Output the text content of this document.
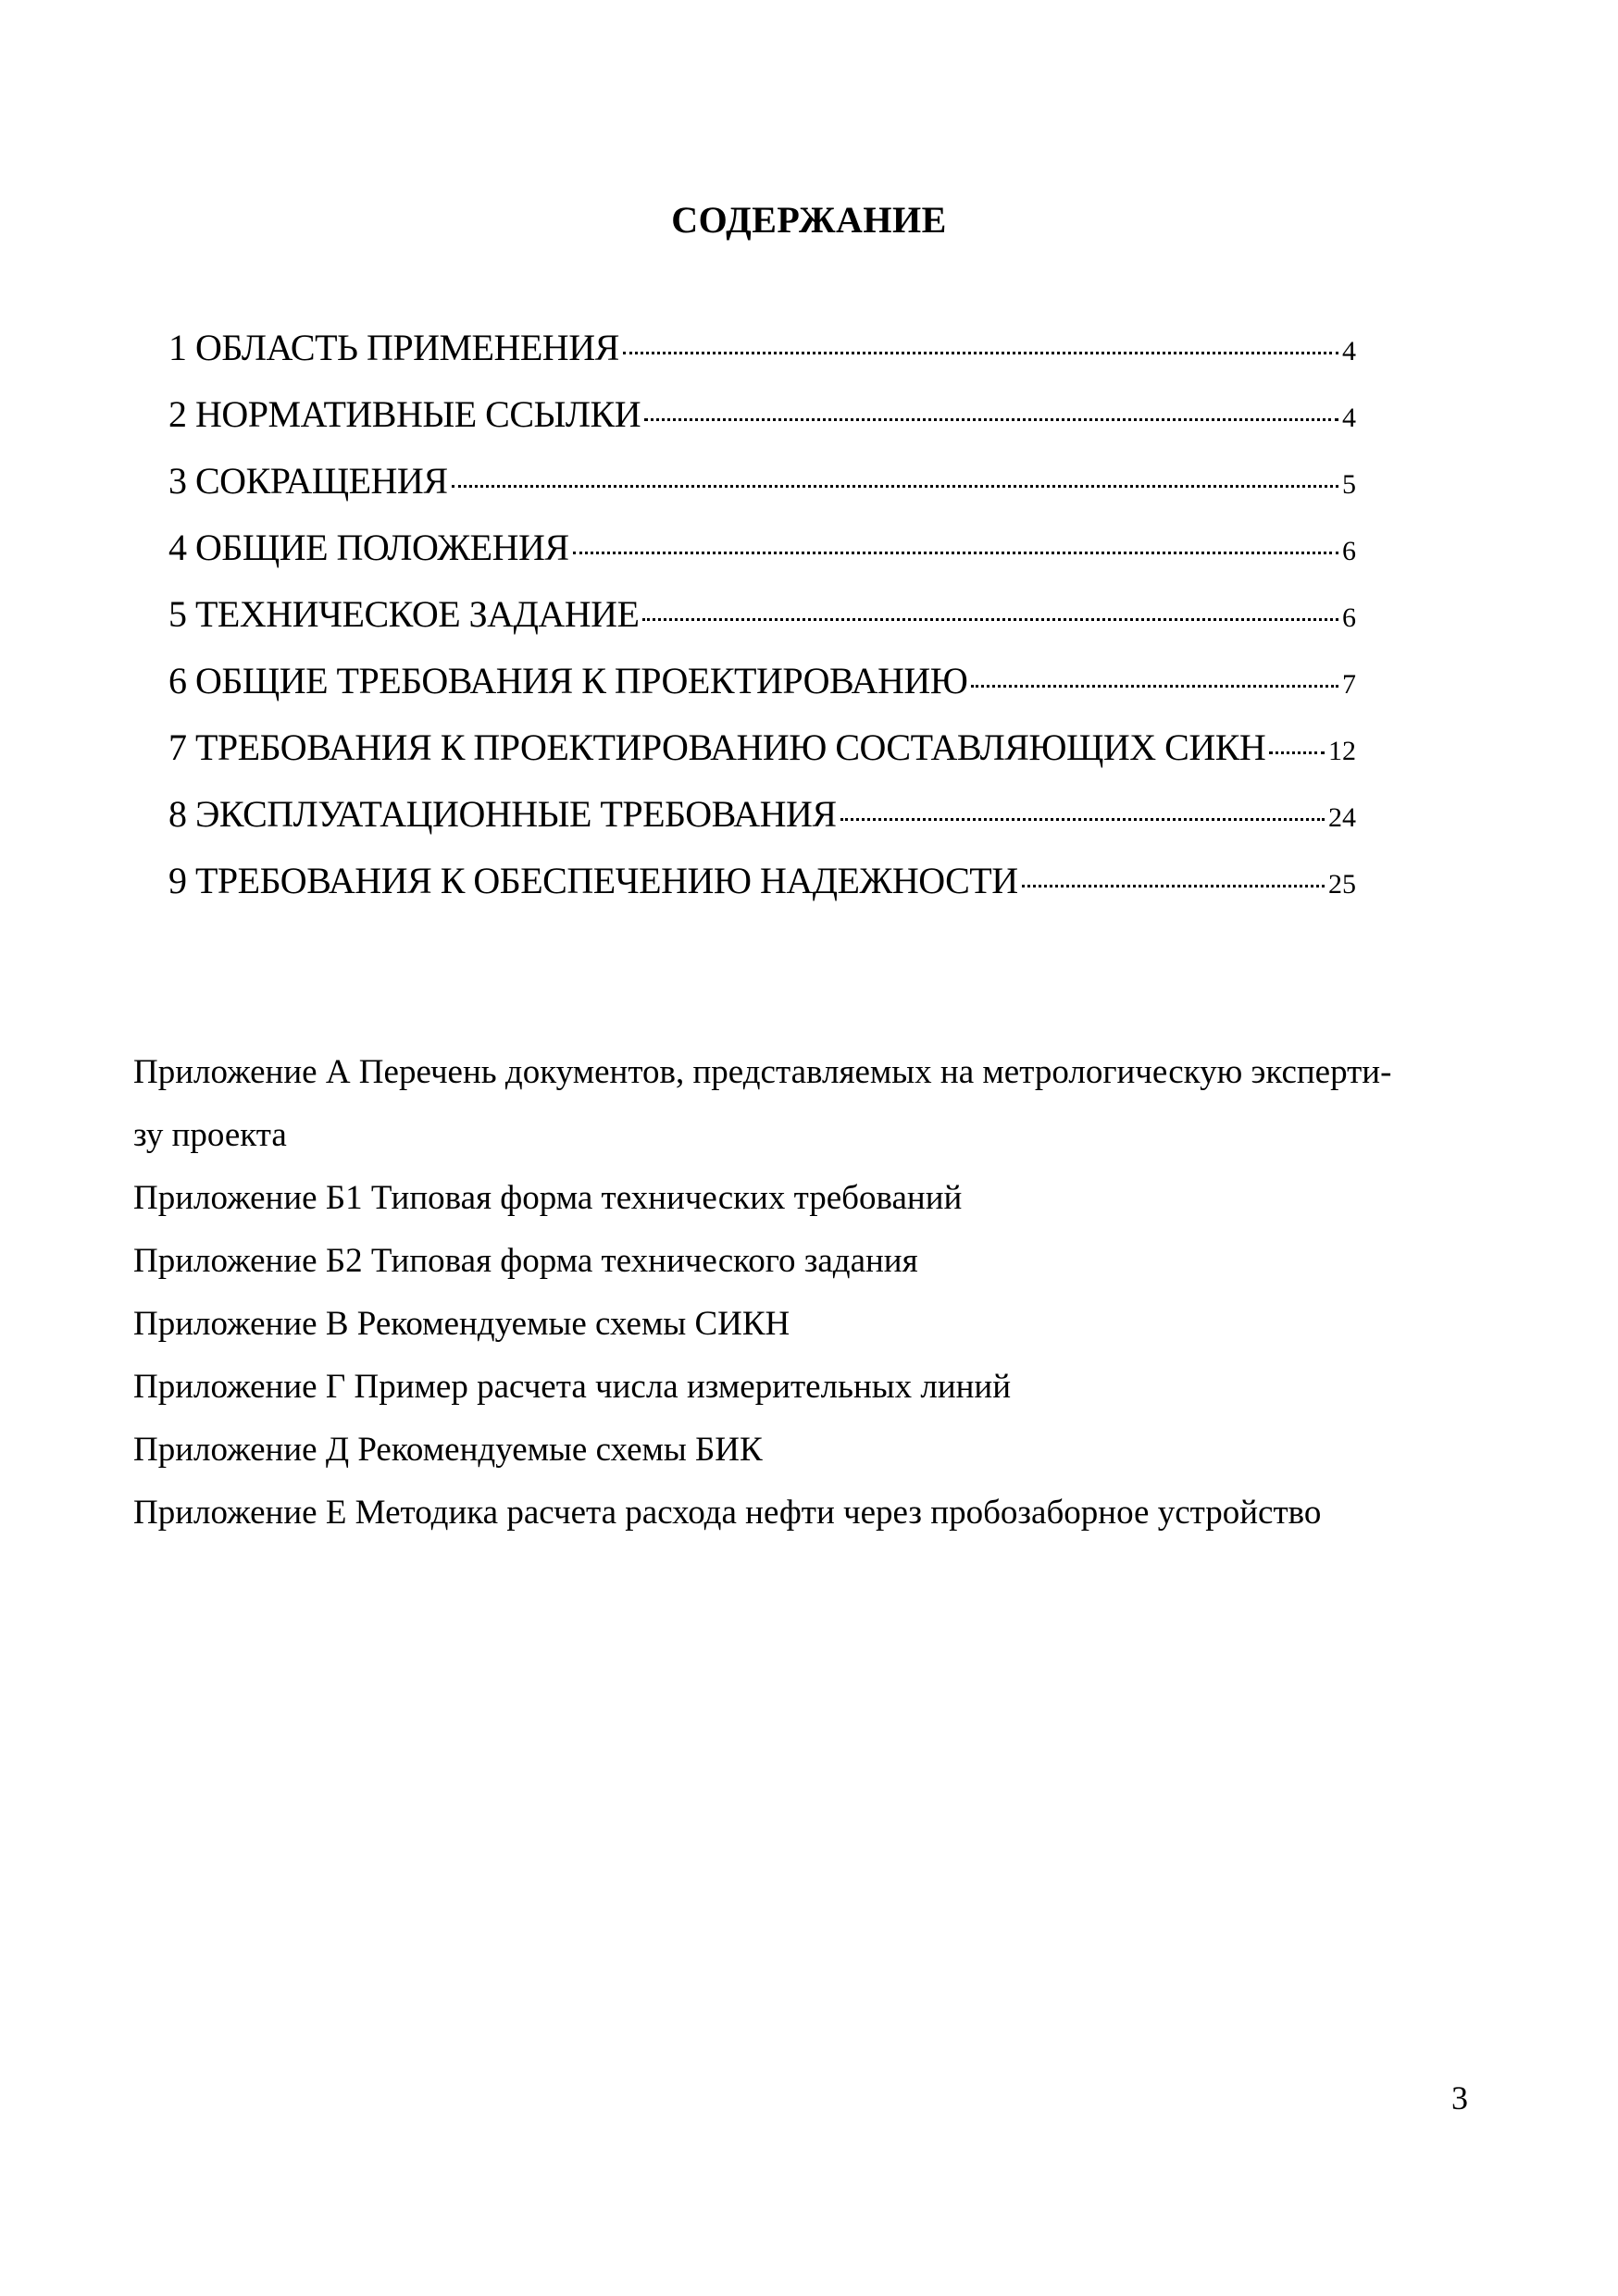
СОДЕРЖАНИЕ
1 ОБЛАСТЬ ПРИМЕНЕНИЯ	4
2 НОРМАТИВНЫЕ ССЫЛКИ	4
3 СОКРАЩЕНИЯ	5
4 ОБЩИЕ ПОЛОЖЕНИЯ	6
5 ТЕХНИЧЕСКОЕ ЗАДАНИЕ	6
6 ОБЩИЕ ТРЕБОВАНИЯ К ПРОЕКТИРОВАНИЮ	7
7 ТРЕБОВАНИЯ К ПРОЕКТИРОВАНИЮ СОСТАВЛЯЮЩИХ СИКН 12
8 ЭКСПЛУАТАЦИОННЫЕ ТРЕБОВАНИЯ	24
9 ТРЕБОВАНИЯ К ОБЕСПЕЧЕНИЮ НАДЕЖНОСТИ	25
Приложение А Перечень документов, представляемых на метрологическую эксперти-
зу проекта
Приложение Б1 Типовая форма технических требований
Приложение Б2 Типовая форма технического задания
Приложение В Рекомендуемые схемы СИКН
Приложение Г Пример расчета числа измерительных линий
Приложение Д Рекомендуемые схемы БИК
Приложение Е Методика расчета расхода нефти через пробозаборное устройство
3
